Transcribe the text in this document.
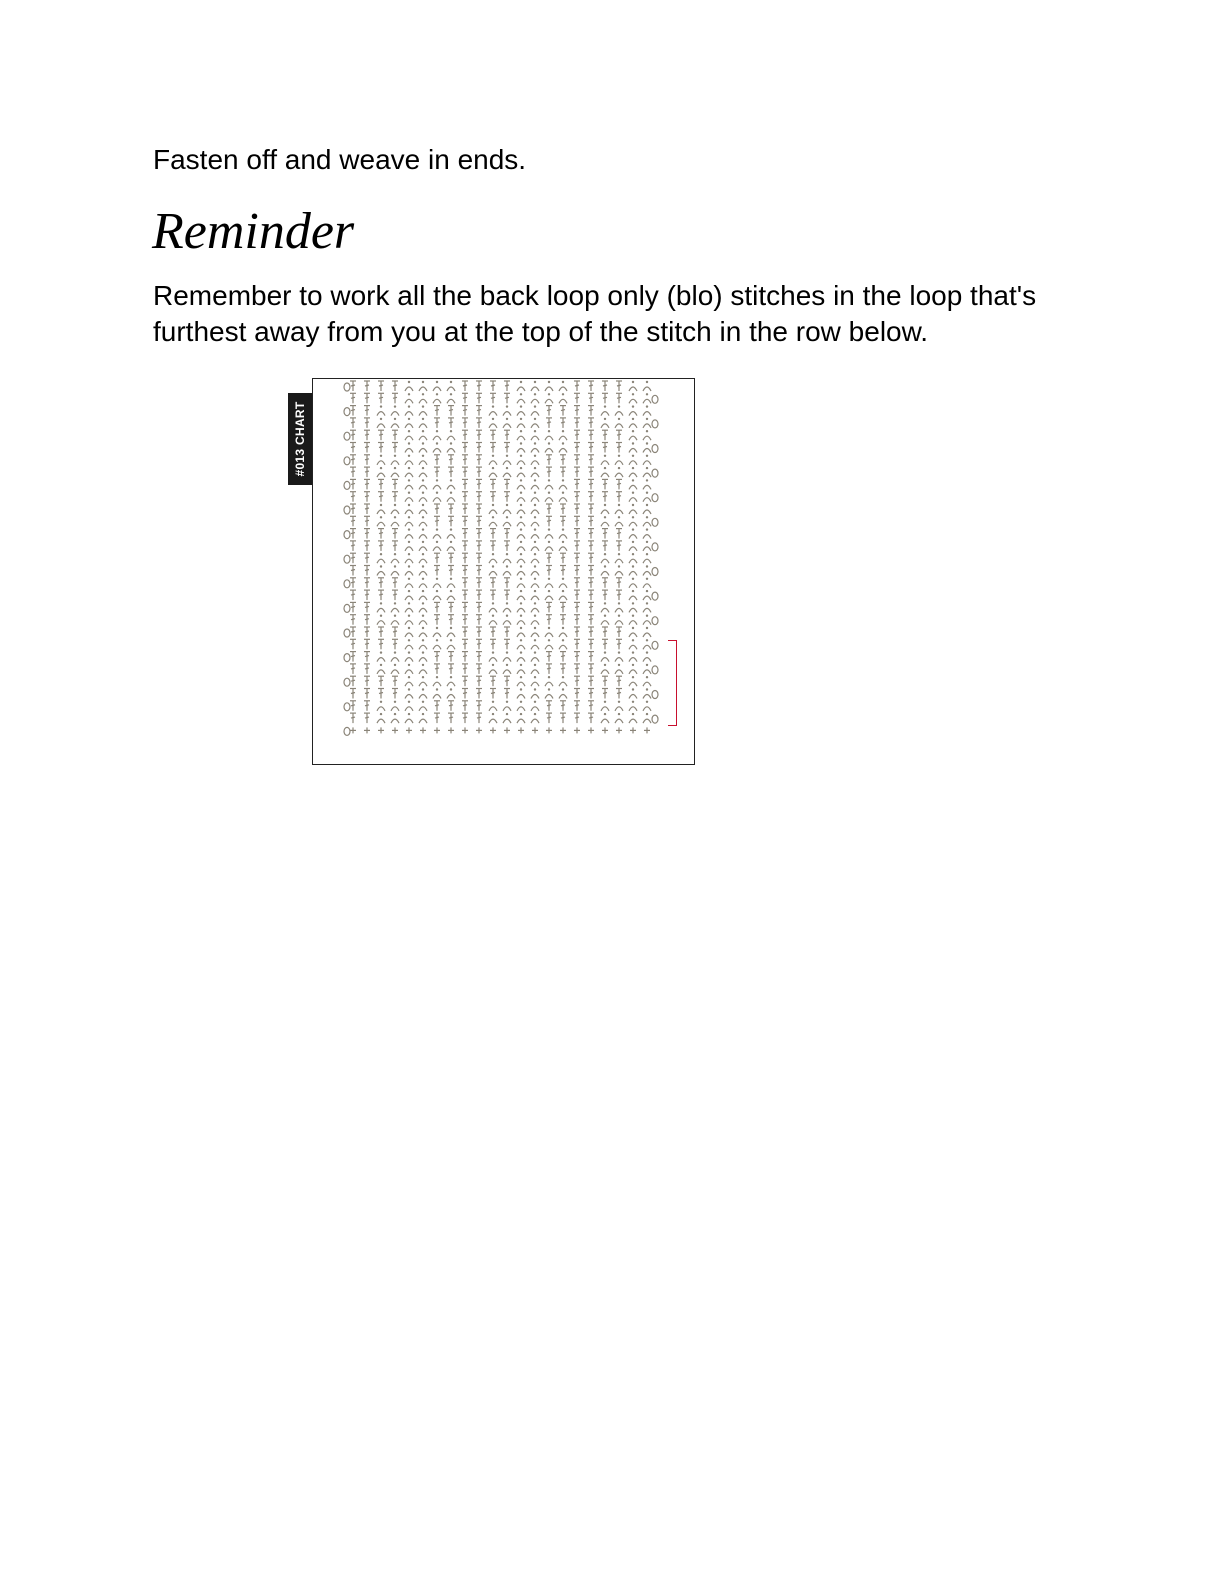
Fasten off and weave in ends.

Reminder

Remember to work all the back loop only (blo) stitches in the loop that's furthest away from you at the top of the stitch in the row below.

#013 CHART
